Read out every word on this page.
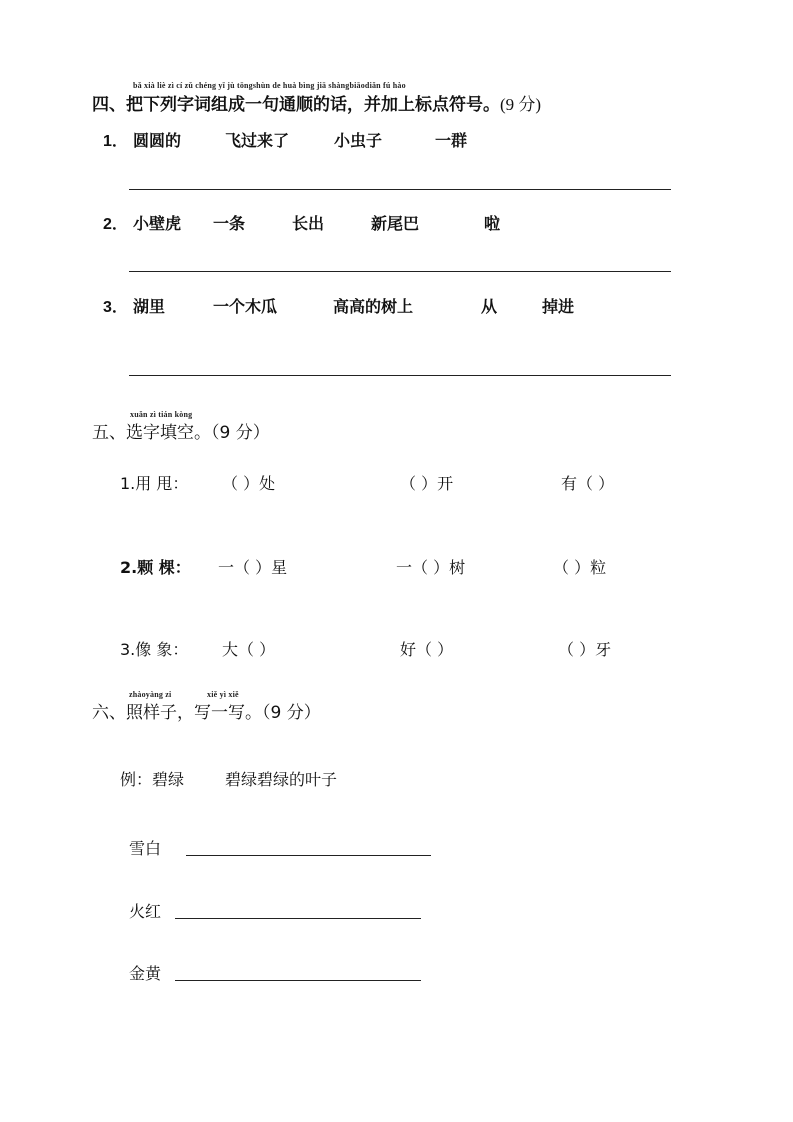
bǎ xià liè zì cí zǔ chéng yī jù tōngshùn de huà bìng jiā shàngbiāodiǎn fú hào
四、把下列字词组成一句通顺的话，并加上标点符号。(9 分)
1． 圆圆的	飞过来了	小虫子	一群
2． 小壁虎 一条	长出	新尾巴	啦
3． 湖里	一个木瓜	高高的树上	从	掉进
xuǎn zì tián kòng
五、选字填空。（9 分）
1.用 甩： （ ）处	（ ）开	有（ ）
2.颗 棵： 一（ ）星	一（ ）树	（ ）粒
3.像 象： 大（ ）	好（ ）	（ ）牙
zhàoyàng zi	xiě yì xiě
六、照样子，写一写。（9 分）
例：碧绿	碧绿碧绿的叶子
雪白
火红
金黄
